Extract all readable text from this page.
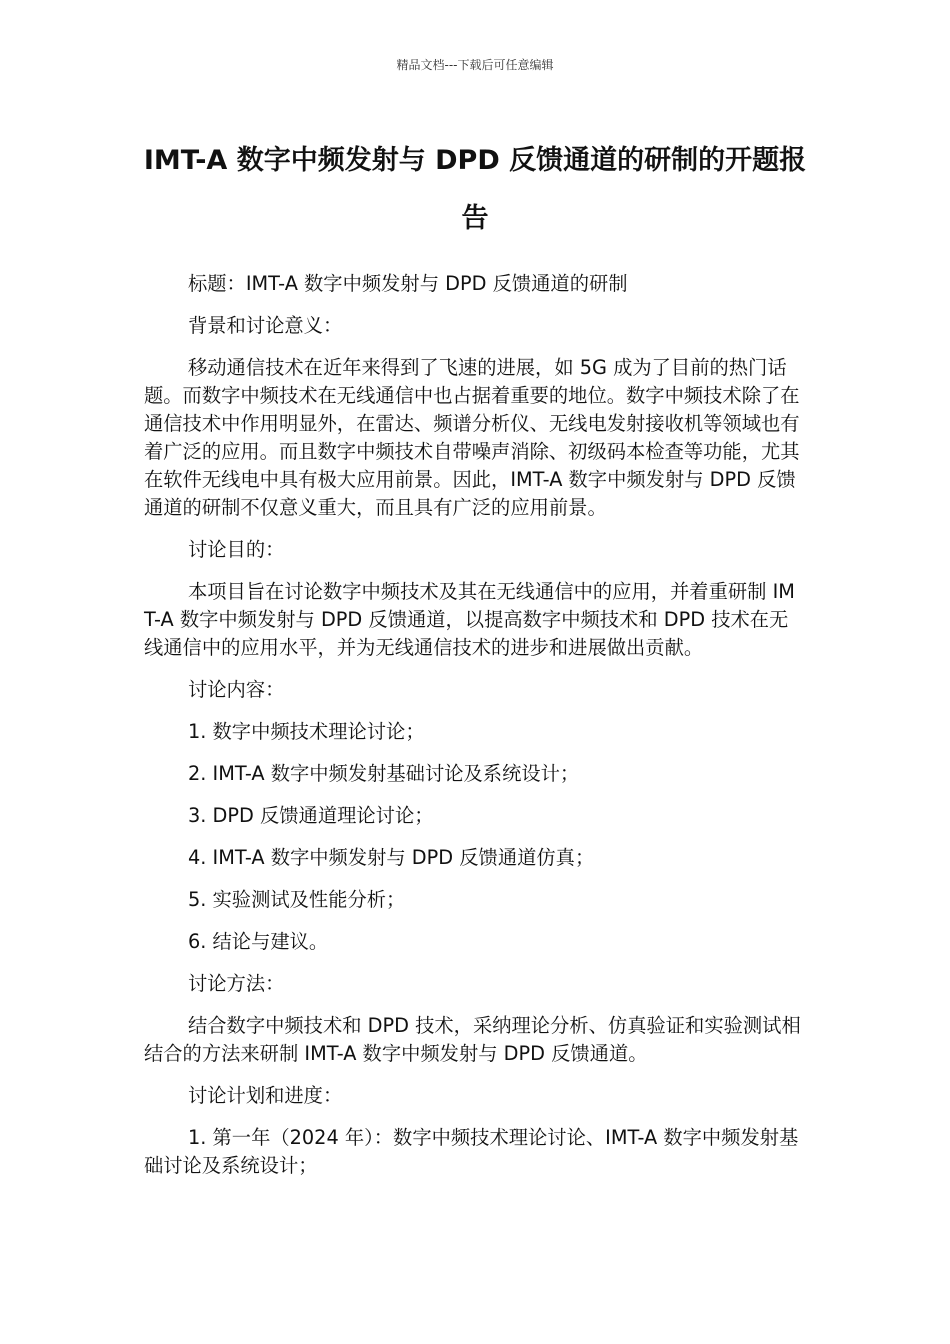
精品文档---下载后可任意编辑
IMT-A 数字中频发射与 DPD 反馈通道的研制的开题报告

标题：IMT-A 数字中频发射与 DPD 反馈通道的研制

背景和讨论意义：

移动通信技术在近年来得到了飞速的进展，如 5G 成为了目前的热门话题。而数字中频技术在无线通信中也占据着重要的地位。数字中频技术除了在通信技术中作用明显外，在雷达、频谱分析仪、无线电发射接收机等领域也有着广泛的应用。而且数字中频技术自带噪声消除、初级码本检查等功能，尤其在软件无线电中具有极大应用前景。因此，IMT-A 数字中频发射与 DPD 反馈通道的研制不仅意义重大，而且具有广泛的应用前景。

讨论目的：

本项目旨在讨论数字中频技术及其在无线通信中的应用，并着重研制 IMT-A 数字中频发射与 DPD 反馈通道，以提高数字中频技术和 DPD 技术在无线通信中的应用水平，并为无线通信技术的进步和进展做出贡献。

讨论内容：

1. 数字中频技术理论讨论；

2. IMT-A 数字中频发射基础讨论及系统设计；

3. DPD 反馈通道理论讨论；

4. IMT-A 数字中频发射与 DPD 反馈通道仿真；

5. 实验测试及性能分析；

6. 结论与建议。

讨论方法：

结合数字中频技术和 DPD 技术，采纳理论分析、仿真验证和实验测试相结合的方法来研制 IMT-A 数字中频发射与 DPD 反馈通道。

讨论计划和进度：

1. 第一年（2024 年）：数字中频技术理论讨论、IMT-A 数字中频发射基础讨论及系统设计；
